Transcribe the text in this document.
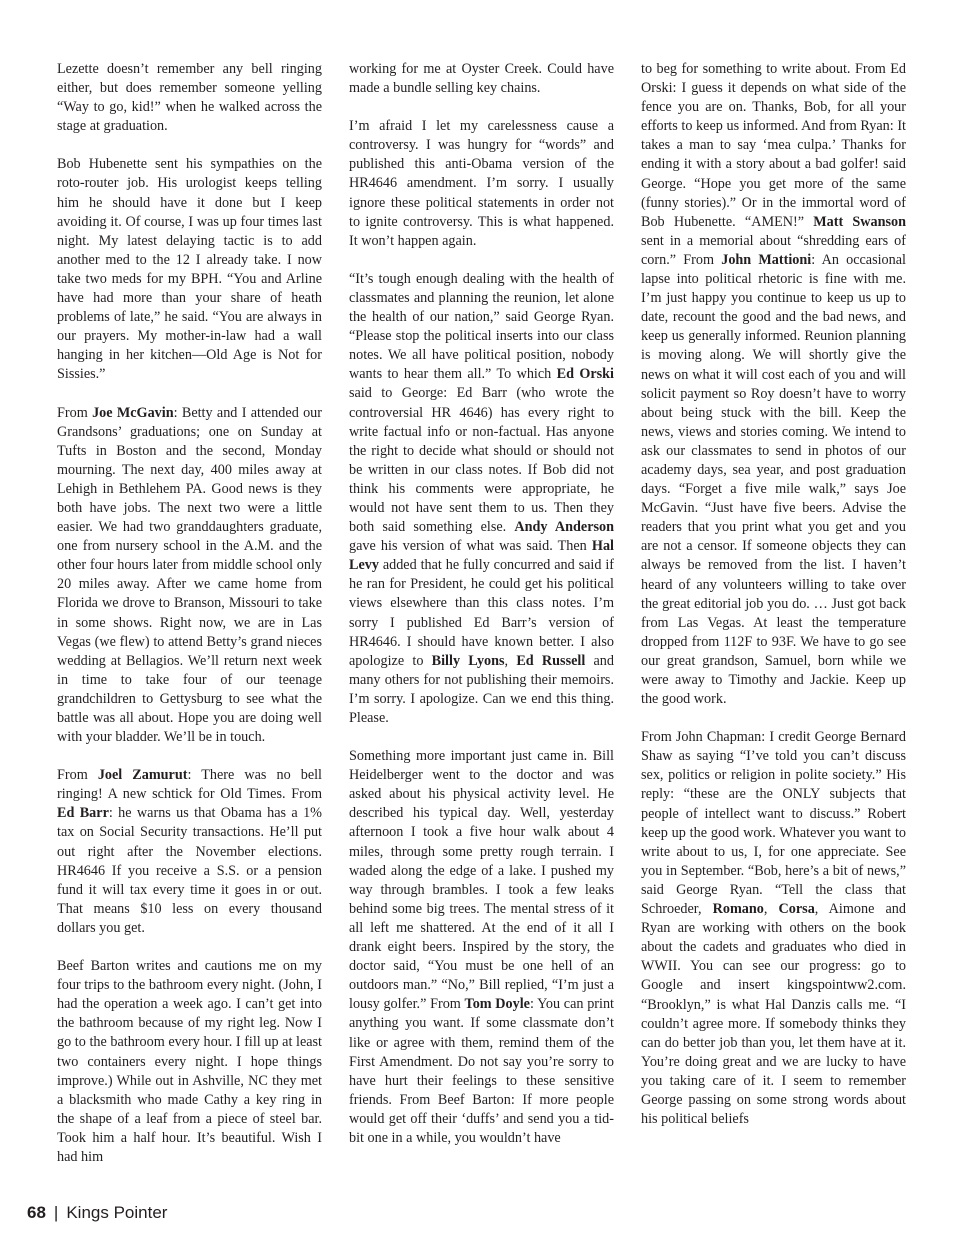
Lezette doesn’t remember any bell ringing either, but does remember someone yelling “Way to go, kid!” when he walked across the stage at graduation.

Bob Hubenette sent his sympathies on the roto-router job. His urologist keeps telling him he should have it done but I keep avoiding it. Of course, I was up four times last night. My latest delaying tactic is to add another med to the 12 I already take. I now take two meds for my BPH. “You and Arline have had more than your share of heath problems of late,” he said. “You are always in our prayers. My mother-in-law had a wall hanging in her kitchen—Old Age is Not for Sissies.”

From Joe McGavin: Betty and I attended our Grandsons’ graduations; one on Sunday at Tufts in Boston and the second, Monday mourning. The next day, 400 miles away at Lehigh in Bethlehem PA. Good news is they both have jobs. The next two were a little easier. We had two granddaughters graduate, one from nursery school in the A.M. and the other four hours later from middle school only 20 miles away. After we came home from Florida we drove to Branson, Missouri to take in some shows. Right now, we are in Las Vegas (we flew) to attend Betty’s grand nieces wedding at Bellagios. We’ll return next week in time to take four of our teenage grandchildren to Gettysburg to see what the battle was all about. Hope you are doing well with your bladder. We’ll be in touch.

From Joel Zamurut: There was no bell ringing! A new schtick for Old Times. From Ed Barr: he warns us that Obama has a 1% tax on Social Security transactions. He’ll put out right after the November elections. HR4646 If you receive a S.S. or a pension fund it will tax every time it goes in or out. That means $10 less on every thousand dollars you get.

Beef Barton writes and cautions me on my four trips to the bathroom every night. (John, I had the operation a week ago. I can’t get into the bathroom because of my right leg. Now I go to the bathroom every hour. I fill up at least two containers every night. I hope things improve.) While out in Ashville, NC they met a blacksmith who made Cathy a key ring in the shape of a leaf from a piece of steel bar. Took him a half hour. It’s beautiful. Wish I had him

working for me at Oyster Creek. Could have made a bundle selling key chains.

I’m afraid I let my carelessness cause a controversy. I was hungry for “words” and published this anti-Obama version of the HR4646 amendment. I’m sorry. I usually ignore these political statements in order not to ignite controversy. This is what happened. It won’t happen again.

“It’s tough enough dealing with the health of classmates and planning the reunion, let alone the health of our nation,” said George Ryan. “Please stop the political inserts into our class notes. We all have political position, nobody wants to hear them all.” To which Ed Orski said to George: Ed Barr (who wrote the controversial HR 4646) has every right to write factual info or non-factual. Has anyone the right to decide what should or should not be written in our class notes. If Bob did not think his comments were appropriate, he would not have sent them to us. Then they both said something else. Andy Anderson gave his version of what was said. Then Hal Levy added that he fully concurred and said if he ran for President, he could get his political views elsewhere than this class notes. I’m sorry I published Ed Barr’s version of HR4646. I should have known better. I also apologize to Billy Lyons, Ed Russell and many others for not publishing their memoirs. I’m sorry. I apologize. Can we end this thing. Please.

Something more important just came in. Bill Heidelberger went to the doctor and was asked about his physical activity level. He described his typical day. Well, yesterday afternoon I took a five hour walk about 4 miles, through some pretty rough terrain. I waded along the edge of a lake. I pushed my way through brambles. I took a few leaks behind some big trees. The mental stress of it all left me shattered. At the end of it all I drank eight beers. Inspired by the story, the doctor said, “You must be one hell of an outdoors man.” “No,” Bill replied, “I’m just a lousy golfer.” From Tom Doyle: You can print anything you want. If some classmate don’t like or agree with them, remind them of the First Amendment. Do not say you’re sorry to have hurt their feelings to these sensitive friends. From Beef Barton: If more people would get off their ‘duffs’ and send you a tid-bit one in a while, you wouldn’t have

to beg for something to write about. From Ed Orski: I guess it depends on what side of the fence you are on. Thanks, Bob, for all your efforts to keep us informed. And from Ryan: It takes a man to say ‘mea culpa.’ Thanks for ending it with a story about a bad golfer! said George. “Hope you get more of the same (funny stories).” Or in the immortal word of Bob Hubenette. “AMEN!” Matt Swanson sent in a memorial about “shredding ears of corn.” From John Mattioni: An occasional lapse into political rhetoric is fine with me. I’m just happy you continue to keep us up to date, recount the good and the bad news, and keep us generally informed. Reunion planning is moving along. We will shortly give the news on what it will cost each of you and will solicit payment so Roy doesn’t have to worry about being stuck with the bill. Keep the news, views and stories coming. We intend to ask our classmates to send in photos of our academy days, sea year, and post graduation days. “Forget a five mile walk,” says Joe McGavin. “Just have five beers. Advise the readers that you print what you get and you are not a censor. If someone objects they can always be removed from the list. I haven’t heard of any volunteers willing to take over the great editorial job you do. … Just got back from Las Vegas. At least the temperature dropped from 112F to 93F. We have to go see our great grandson, Samuel, born while we were away to Timothy and Jackie. Keep up the good work.

From John Chapman: I credit George Bernard Shaw as saying “I’ve told you can’t discuss sex, politics or religion in polite society.” His reply: “these are the ONLY subjects that people of intellect want to discuss.” Robert keep up the good work. Whatever you want to write about to us, I, for one appreciate. See you in September. “Bob, here’s a bit of news,” said George Ryan. “Tell the class that Schroeder, Romano, Corsa, Aimone and Ryan are working with others on the book about the cadets and graduates who died in WWII. You can see our progress: go to Google and insert kingspointww2.com. “Brooklyn,” is what Hal Danzis calls me. “I couldn’t agree more. If somebody thinks they can do better job than you, let them have at it. You’re doing great and we are lucky to have you taking care of it. I seem to remember George passing on some strong words about his political beliefs

68 | Kings Pointer
